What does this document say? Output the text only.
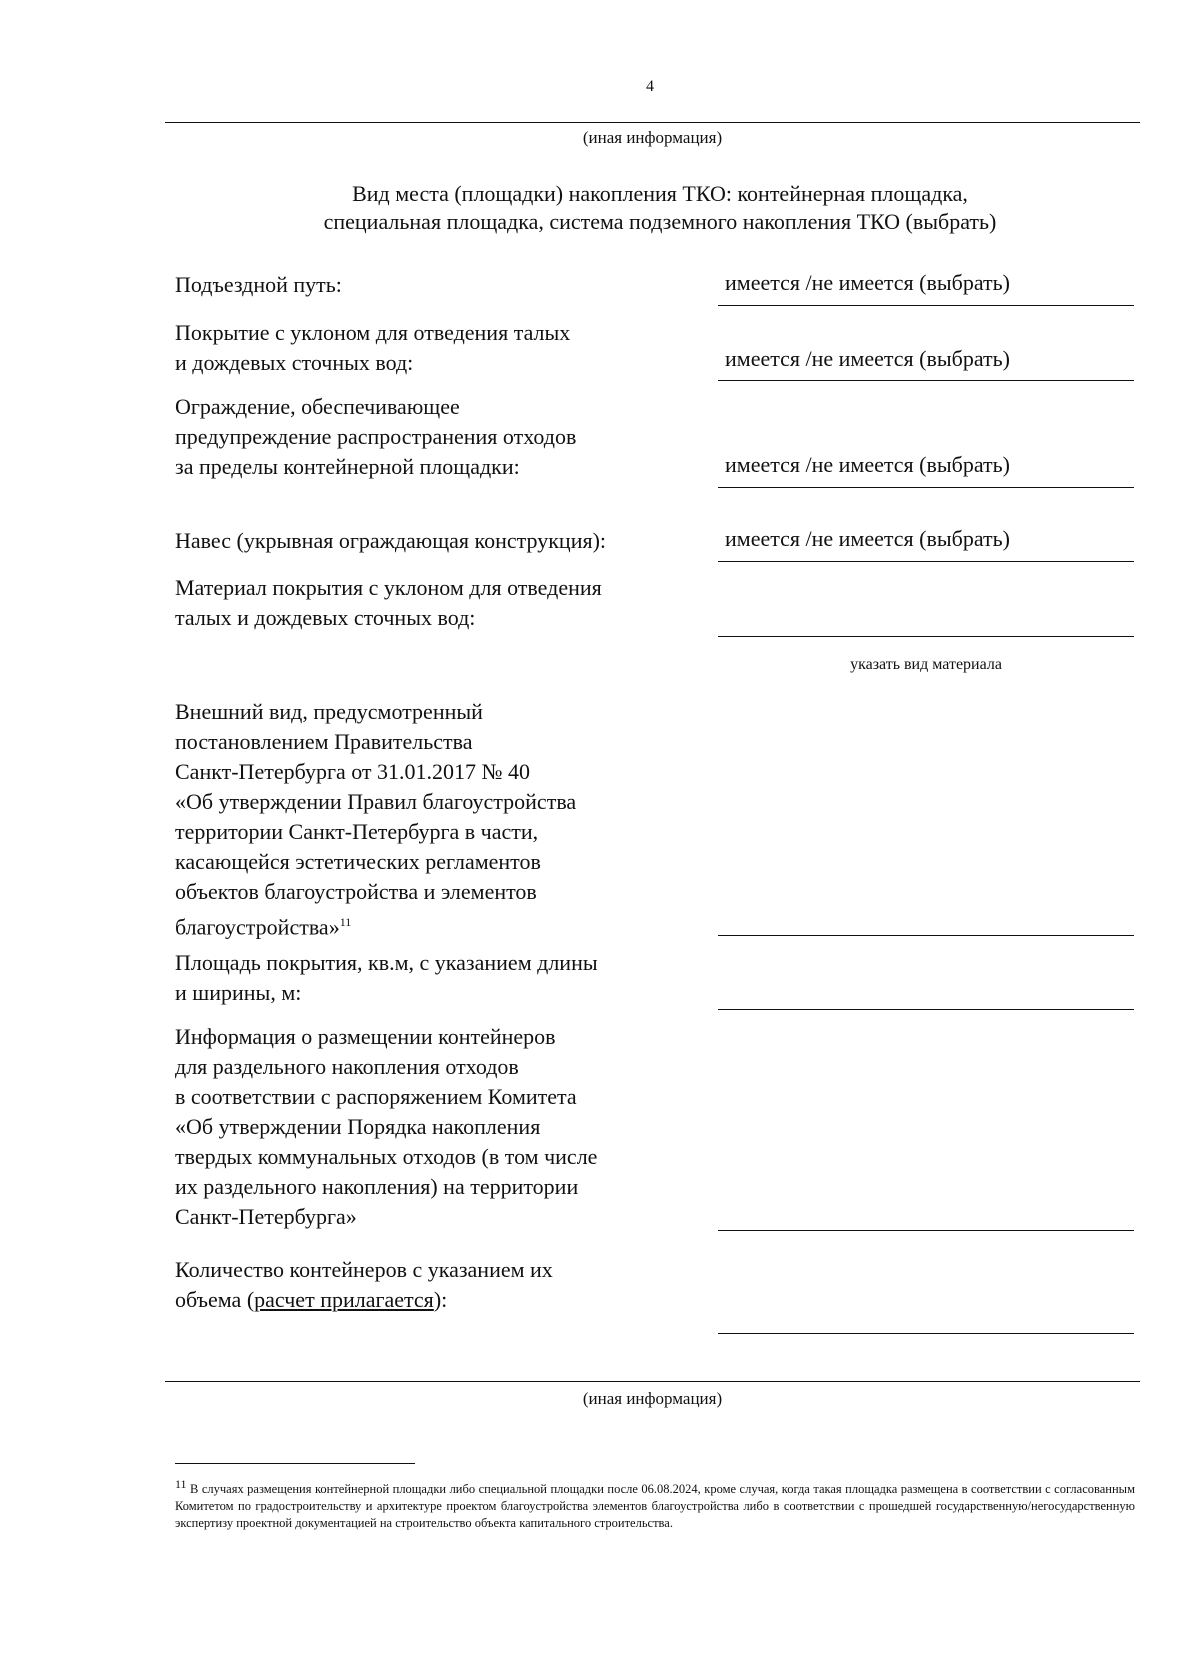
4
(иная информация)
Вид места (площадки) накопления ТКО: контейнерная площадка,
специальная площадка, система подземного накопления ТКО (выбрать)
Подъездной путь:	имеется /не имеется (выбрать)
Покрытие с уклоном для отведения талых
и дождевых сточных вод:	имеется /не имеется (выбрать)
Ограждение, обеспечивающее
предупреждение распространения отходов
за пределы контейнерной площадки:	имеется /не имеется (выбрать)
Навес (укрывная ограждающая конструкция):	имеется /не имеется (выбрать)
Материал покрытия с уклоном для отведения
талых и дождевых сточных вод:
указать вид материала
Внешний вид, предусмотренный
постановлением Правительства
Санкт-Петербурга от 31.01.2017 № 40
«Об утверждении Правил благоустройства
территории Санкт-Петербурга в части,
касающейся эстетических регламентов
объектов благоустройства и элементов
благоустройства»$^{11}$
Площадь покрытия, кв.м, с указанием длины
и ширины, м:
Информация о размещении контейнеров
для раздельного накопления отходов
в соответствии с распоряжением Комитета
«Об утверждении Порядка накопления
твердых коммунальных отходов (в том числе
их раздельного накопления) на территории
Санкт-Петербурга»
Количество контейнеров с указанием их
объема (расчет прилагается):
(иная информация)
$^{11}$ В случаях размещения контейнерной площадки либо специальной площадки после 06.08.2024, кроме случая, когда такая площадка размещена в соответствии с согласованным Комитетом по градостроительству и архитектуре проектом благоустройства элементов благоустройства либо в соответствии с прошедшей государственную/негосударственную экспертизу проектной документацией на строительство объекта капитального строительства.
